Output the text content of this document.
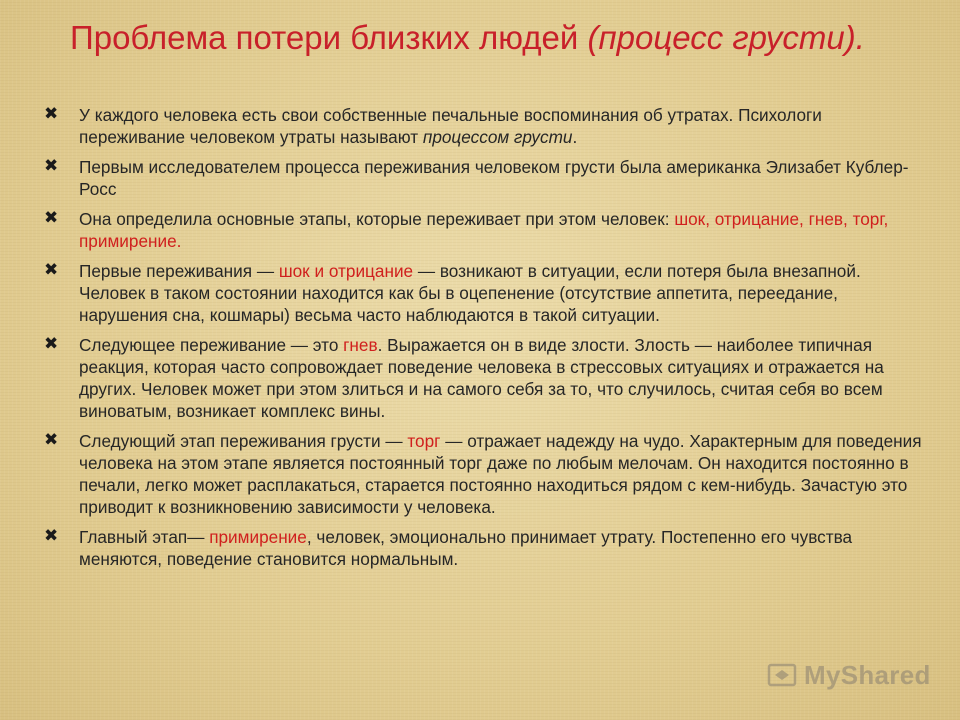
Проблема потери близких людей (процесс грусти).
✖ У каждого человека есть свои собственные печальные воспоминания об утратах. Психологи переживание человеком утраты называют процессом грусти.
✖ Первым исследователем процесса переживания человеком грусти была американка Элизабет Кублер-Росс
✖ Она определила основные этапы, которые переживает при этом человек: шок, отрицание, гнев, торг, примирение.
✖ Первые переживания — шок и отрицание — возникают в ситуации, если потеря была внезапной. Человек в таком состоянии находится как бы в оцепенение (отсутствие аппетита, переедание, нарушения сна, кошмары) весьма часто наблюдаются в такой ситуации.
✖ Следующее переживание — это гнев. Выражается он в виде злости. Злость — наиболее типичная реакция, которая часто сопровождает поведение человека в стрессовых ситуациях и отражается на других. Человек может при этом злиться и на самого себя за то, что случилось, считая себя во всем виноватым, возникает комплекс вины.
✖ Следующий этап переживания грусти — торг — отражает надежду на чудо. Характерным для поведения человека на этом этапе является постоянный торг даже по любым мелочам. Он находится постоянно в печали, легко может расплакаться, старается постоянно находиться рядом с кем-нибудь. Зачастую это приводит к возникновению зависимости у человека.
✖ Главный этап— примирение, человек, эмоционально принимает утрату. Постепенно его чувства меняются, поведение становится нормальным.
MyShared
